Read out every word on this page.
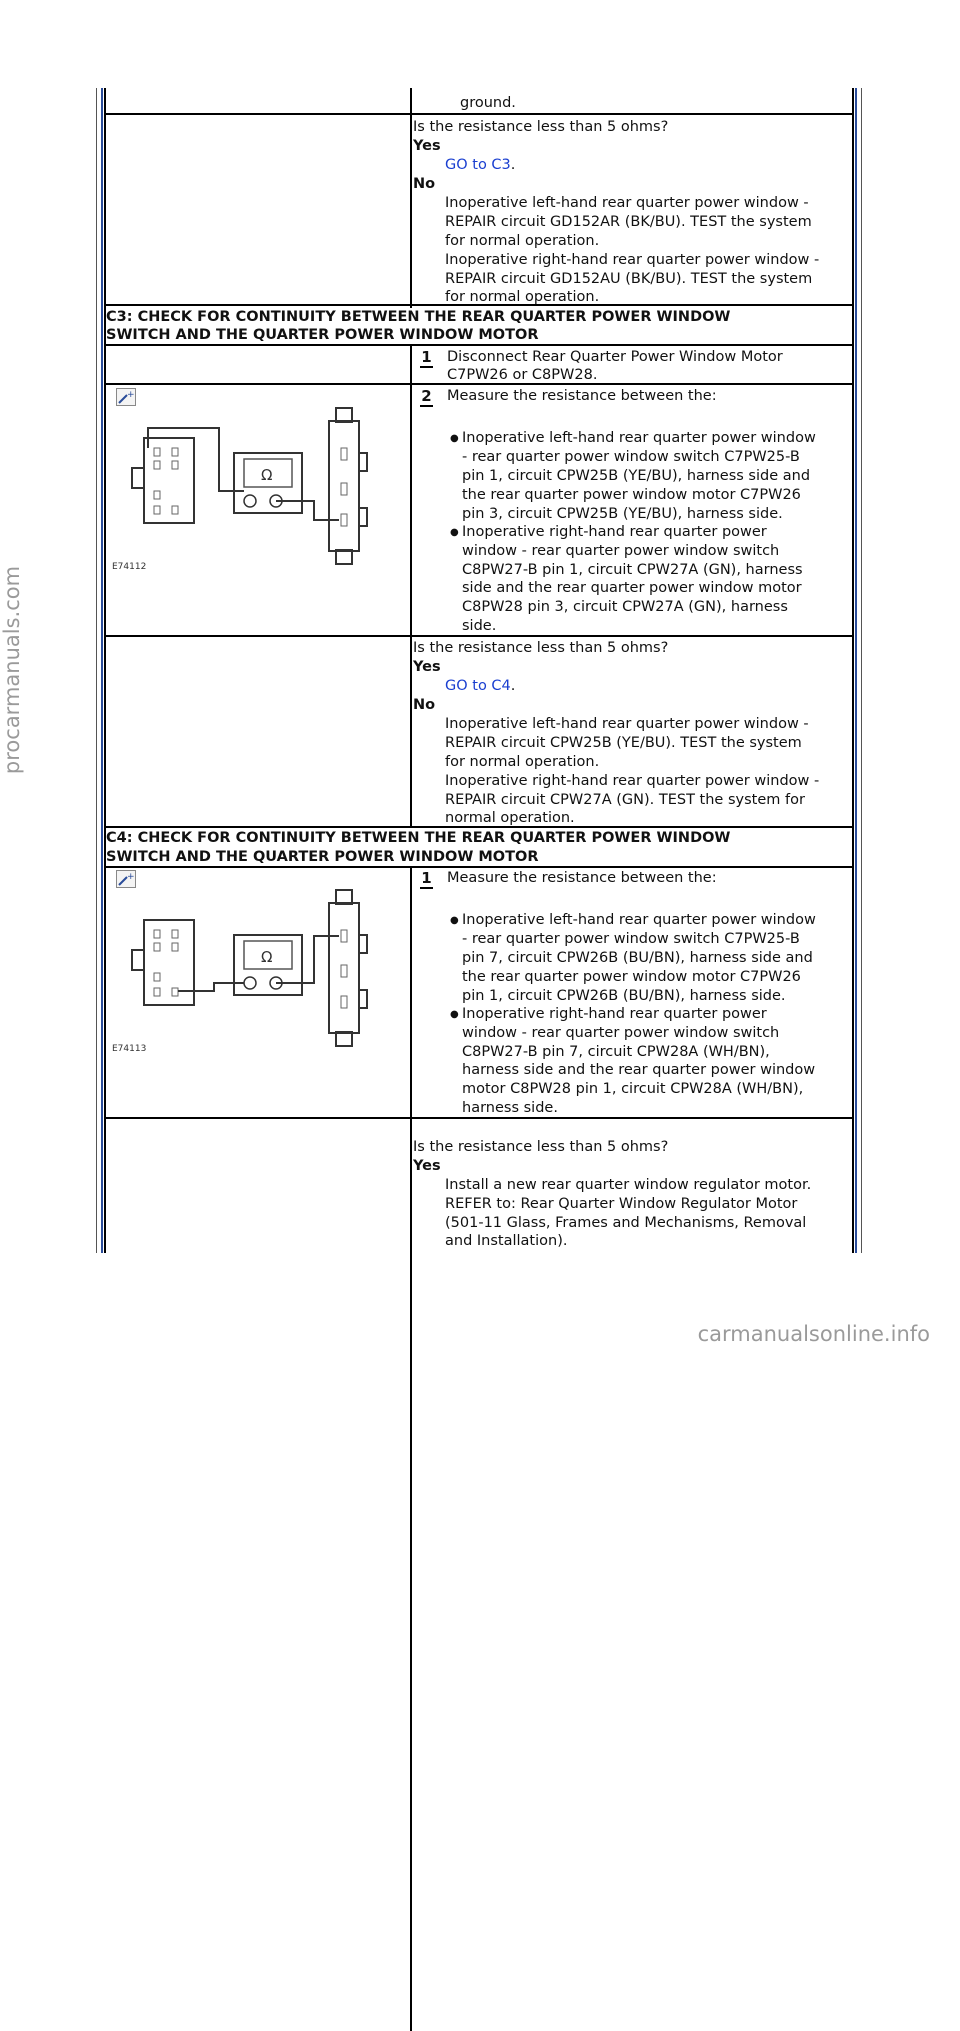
procarmanuals.com
carmanualsonline.info
ground.
Is the resistance less than 5 ohms?
Yes
GO to C3.
No
Inoperative left-hand rear quarter power window -
REPAIR circuit GD152AR (BK/BU). TEST the system
for normal operation.
Inoperative right-hand rear quarter power window -
REPAIR circuit GD152AU (BK/BU). TEST the system
for normal operation.
C3: CHECK FOR CONTINUITY BETWEEN THE REAR QUARTER POWER WINDOW
SWITCH AND THE QUARTER POWER WINDOW MOTOR
1 Disconnect Rear Quarter Power Window Motor
C7PW26 or C8PW28.
+
Ω
E74112
2 Measure the resistance between the:
● Inoperative left-hand rear quarter power window
- rear quarter power window switch C7PW25-B
pin 1, circuit CPW25B (YE/BU), harness side and
the rear quarter power window motor C7PW26
pin 3, circuit CPW25B (YE/BU), harness side.
● Inoperative right-hand rear quarter power
window - rear quarter power window switch
C8PW27-B pin 1, circuit CPW27A (GN), harness
side and the rear quarter power window motor
C8PW28 pin 3, circuit CPW27A (GN), harness
side.
Is the resistance less than 5 ohms?
Yes
GO to C4.
No
Inoperative left-hand rear quarter power window -
REPAIR circuit CPW25B (YE/BU). TEST the system
for normal operation.
Inoperative right-hand rear quarter power window -
REPAIR circuit CPW27A (GN). TEST the system for
normal operation.
C4: CHECK FOR CONTINUITY BETWEEN THE REAR QUARTER POWER WINDOW
SWITCH AND THE QUARTER POWER WINDOW MOTOR
+
Ω
E74113
1 Measure the resistance between the:
● Inoperative left-hand rear quarter power window
- rear quarter power window switch C7PW25-B
pin 7, circuit CPW26B (BU/BN), harness side and
the rear quarter power window motor C7PW26
pin 1, circuit CPW26B (BU/BN), harness side.
● Inoperative right-hand rear quarter power
window - rear quarter power window switch
C8PW27-B pin 7, circuit CPW28A (WH/BN),
harness side and the rear quarter power window
motor C8PW28 pin 1, circuit CPW28A (WH/BN),
harness side.
Is the resistance less than 5 ohms?
Yes
Install a new rear quarter window regulator motor.
REFER to: Rear Quarter Window Regulator Motor
(501-11 Glass, Frames and Mechanisms, Removal
and Installation).
